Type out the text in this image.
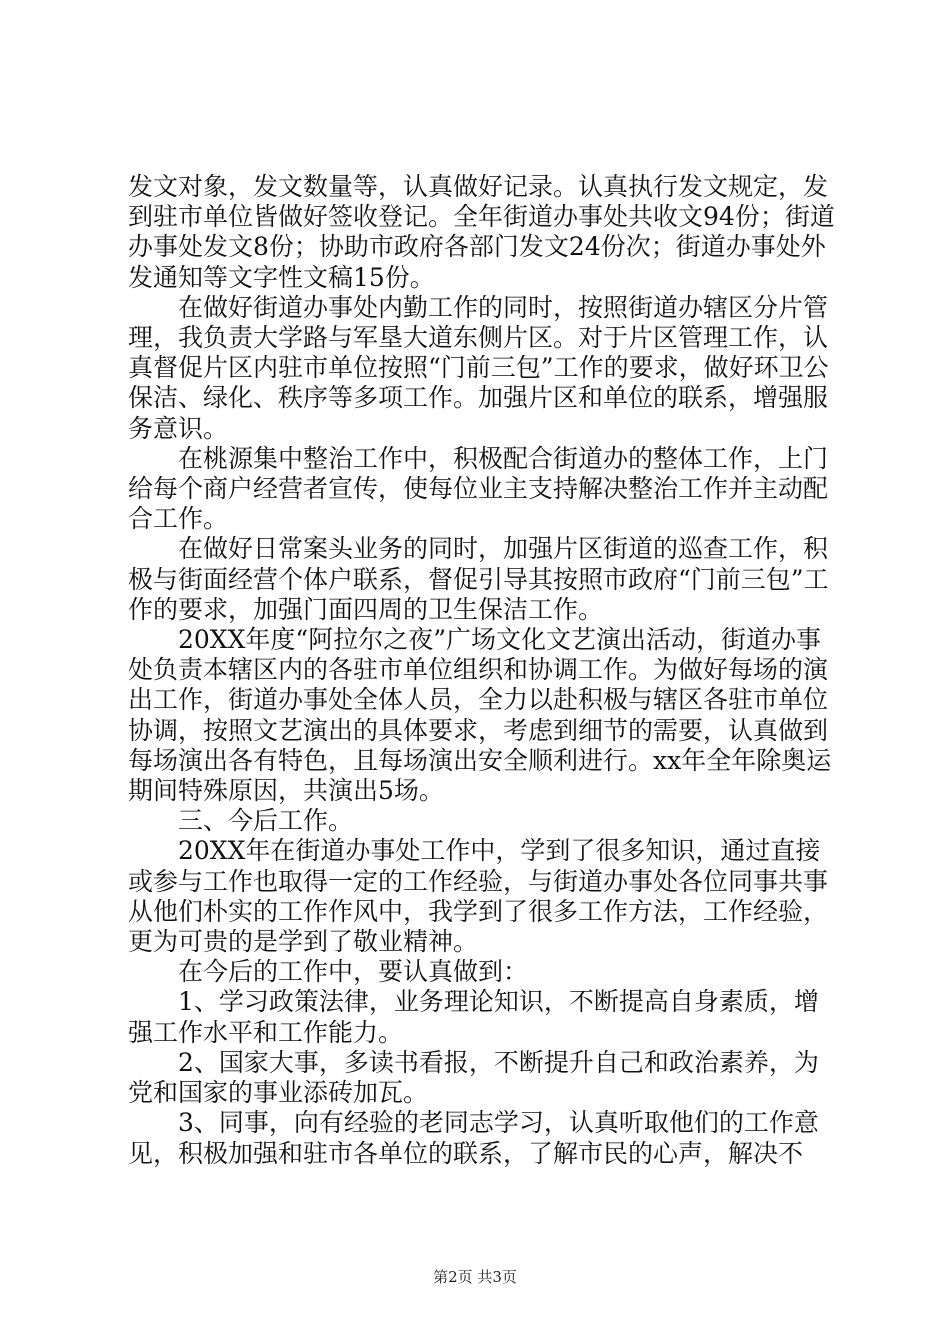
发文对象，发文数量等，认真做好记录。认真执行发文规定，发到驻市单位皆做好签收登记。全年街道办事处共收文94份；街道办事处发文8份；协助市政府各部门发文24份次；街道办事处外发通知等文字性文稿15份。

在做好街道办事处内勤工作的同时，按照街道办辖区分片管理，我负责大学路与军垦大道东侧片区。对于片区管理工作，认真督促片区内驻市单位按照“门前三包”工作的要求，做好环卫公保洁、绿化、秩序等多项工作。加强片区和单位的联系，增强服务意识。

在桃源集中整治工作中，积极配合街道办的整体工作，上门给每个商户经营者宣传，使每位业主支持解决整治工作并主动配合工作。

在做好日常案头业务的同时，加强片区街道的巡查工作，积极与街面经营个体户联系，督促引导其按照市政府“门前三包”工作的要求，加强门面四周的卫生保洁工作。

20XX年度“阿拉尔之夜”广场文化文艺演出活动，街道办事处负责本辖区内的各驻市单位组织和协调工作。为做好每场的演出工作，街道办事处全体人员，全力以赴积极与辖区各驻市单位协调，按照文艺演出的具体要求，考虑到细节的需要，认真做到每场演出各有特色，且每场演出安全顺利进行。xx年全年除奥运期间特殊原因，共演出5场。

三、今后工作。

20XX年在街道办事处工作中，学到了很多知识，通过直接或参与工作也取得一定的工作经验，与街道办事处各位同事共事从他们朴实的工作作风中，我学到了很多工作方法，工作经验，更为可贵的是学到了敬业精神。

在今后的工作中，要认真做到：

1、学习政策法律，业务理论知识，不断提高自身素质，增强工作水平和工作能力。

2、国家大事，多读书看报，不断提升自己和政治素养，为党和国家的事业添砖加瓦。

3、同事，向有经验的老同志学习，认真听取他们的工作意见，积极加强和驻市各单位的联系，了解市民的心声，解决不

第2页 共3页
